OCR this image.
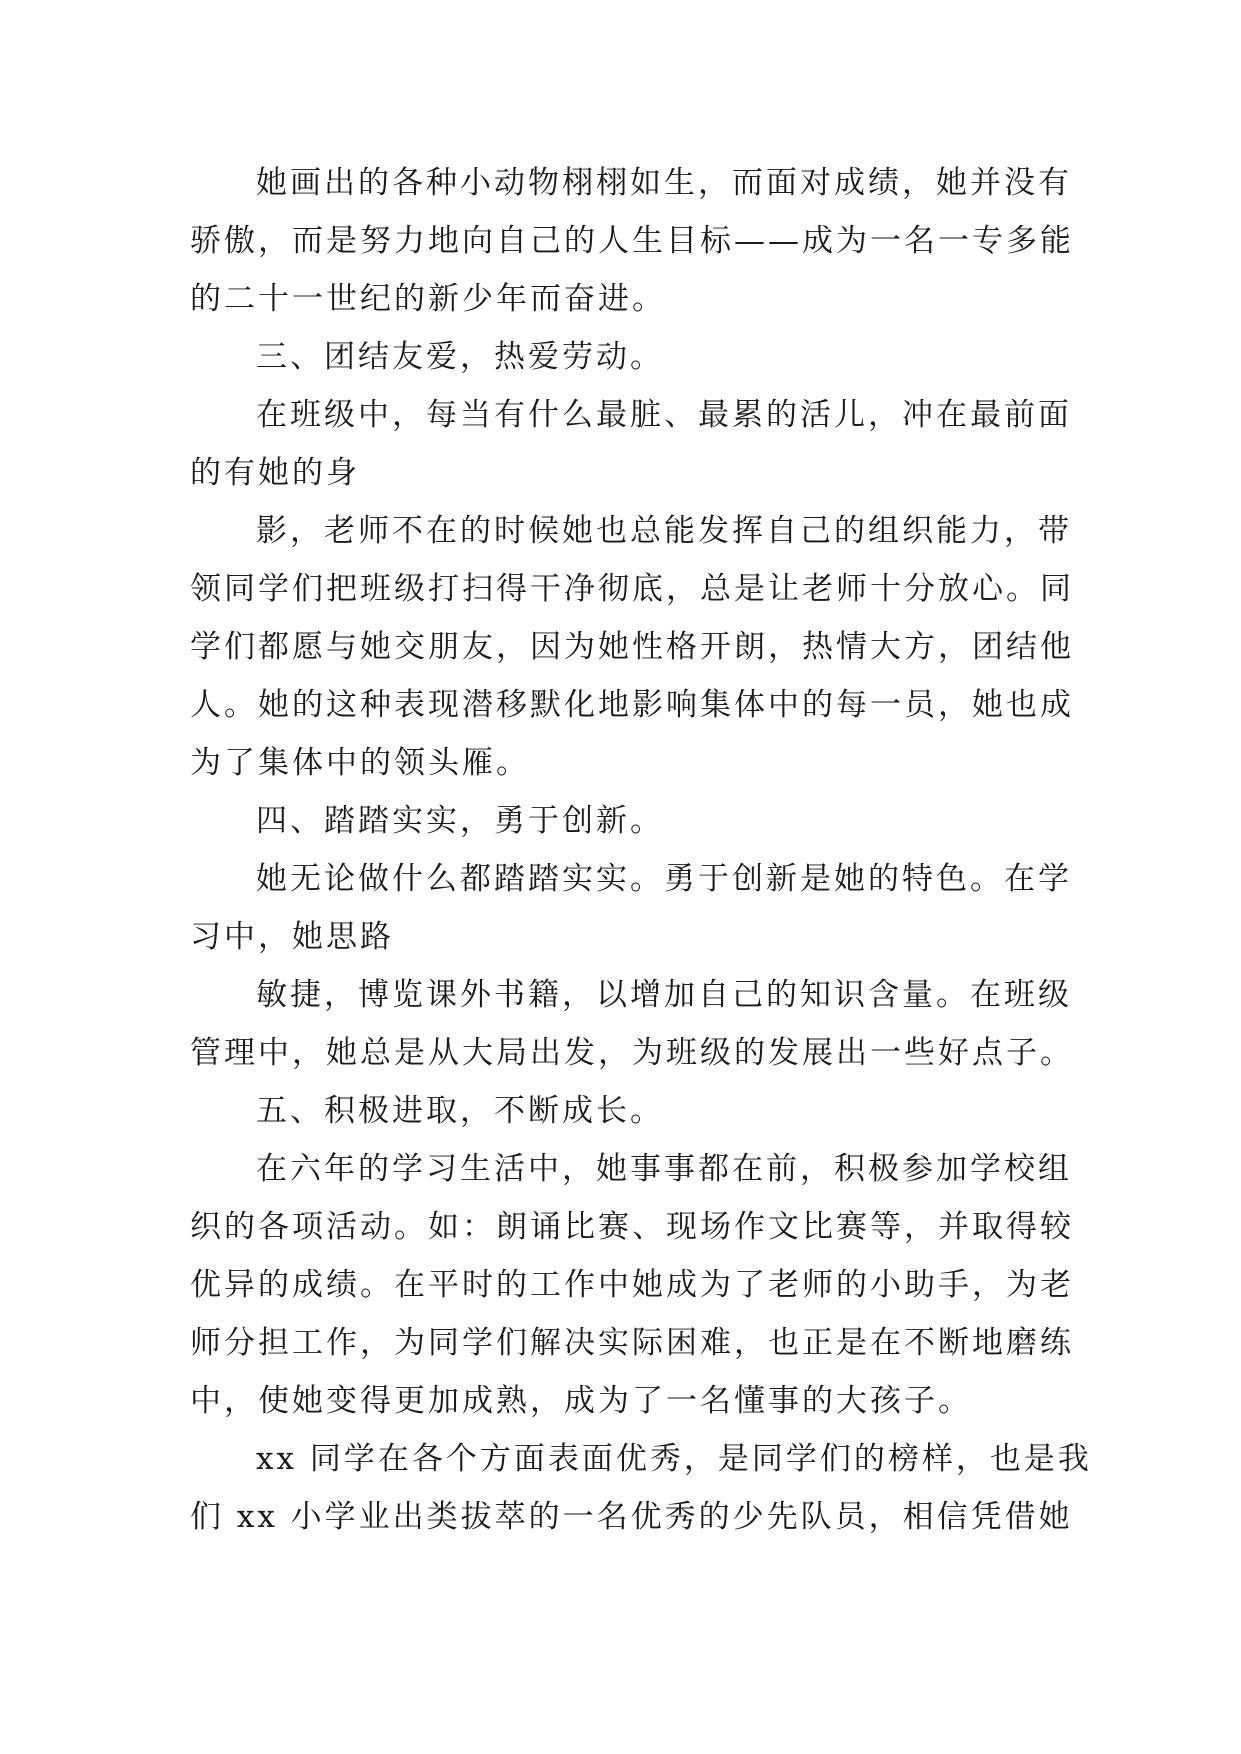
她画出的各种小动物栩栩如生，而面对成绩，她并没有
骄傲，而是努力地向自己的人生目标——成为一名一专多能
的二十一世纪的新少年而奋进。
三、团结友爱，热爱劳动。
在班级中，每当有什么最脏、最累的活儿，冲在最前面
的有她的身
影，老师不在的时候她也总能发挥自己的组织能力，带
领同学们把班级打扫得干净彻底，总是让老师十分放心。同
学们都愿与她交朋友，因为她性格开朗，热情大方，团结他
人。她的这种表现潜移默化地影响集体中的每一员，她也成
为了集体中的领头雁。
四、踏踏实实，勇于创新。
她无论做什么都踏踏实实。勇于创新是她的特色。在学
习中，她思路
敏捷，博览课外书籍，以增加自己的知识含量。在班级
管理中，她总是从大局出发，为班级的发展出一些好点子。
五、积极进取，不断成长。
在六年的学习生活中，她事事都在前，积极参加学校组
织的各项活动。如：朗诵比赛、现场作文比赛等，并取得较
优异的成绩。在平时的工作中她成为了老师的小助手，为老
师分担工作，为同学们解决实际困难，也正是在不断地磨练
中，使她变得更加成熟，成为了一名懂事的大孩子。
xx 同学在各个方面表面优秀，是同学们的榜样，也是我
们 xx 小学业出类拔萃的一名优秀的少先队员，相信凭借她
